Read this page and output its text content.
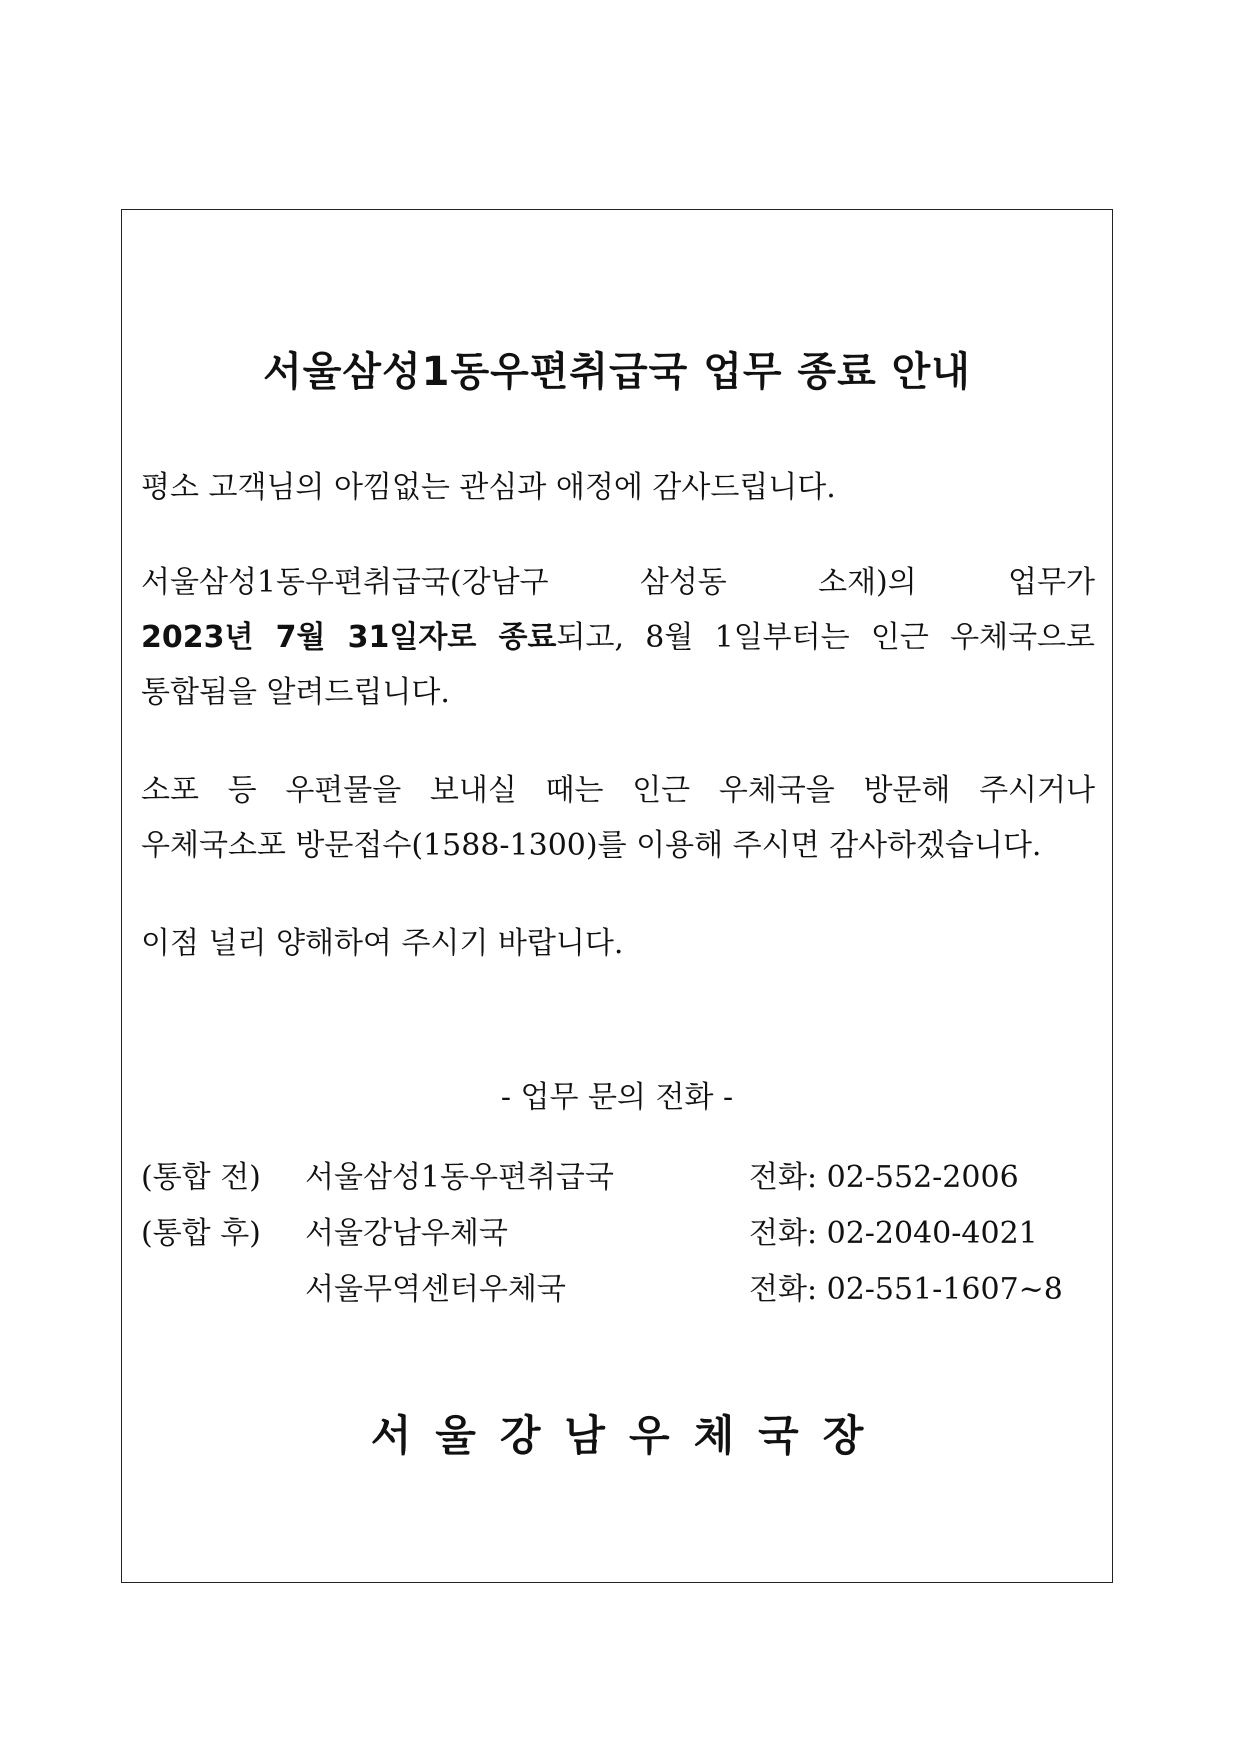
서울삼성1동우편취급국 업무 종료 안내

평소 고객님의 아낌없는 관심과 애정에 감사드립니다.

서울삼성1동우편취급국(강남구 삼성동 소재)의 업무가
2023년 7월 31일자로 종료되고, 8월 1일부터는 인근 우체국으로
통합됨을 알려드립니다.

소포 등 우편물을 보내실 때는 인근 우체국을 방문해 주시거나
우체국소포 방문접수(1588-1300)를 이용해 주시면 감사하겠습니다.

이점 널리 양해하여 주시기 바랍니다.

- 업무 문의 전화 -
(통합 전) 서울삼성1동우편취급국	전화: 02-552-2006
(통합 후) 서울강남우체국	전화: 02-2040-4021
서울무역센터우체국	전화: 02-551-1607~8
서울강남우체국장
